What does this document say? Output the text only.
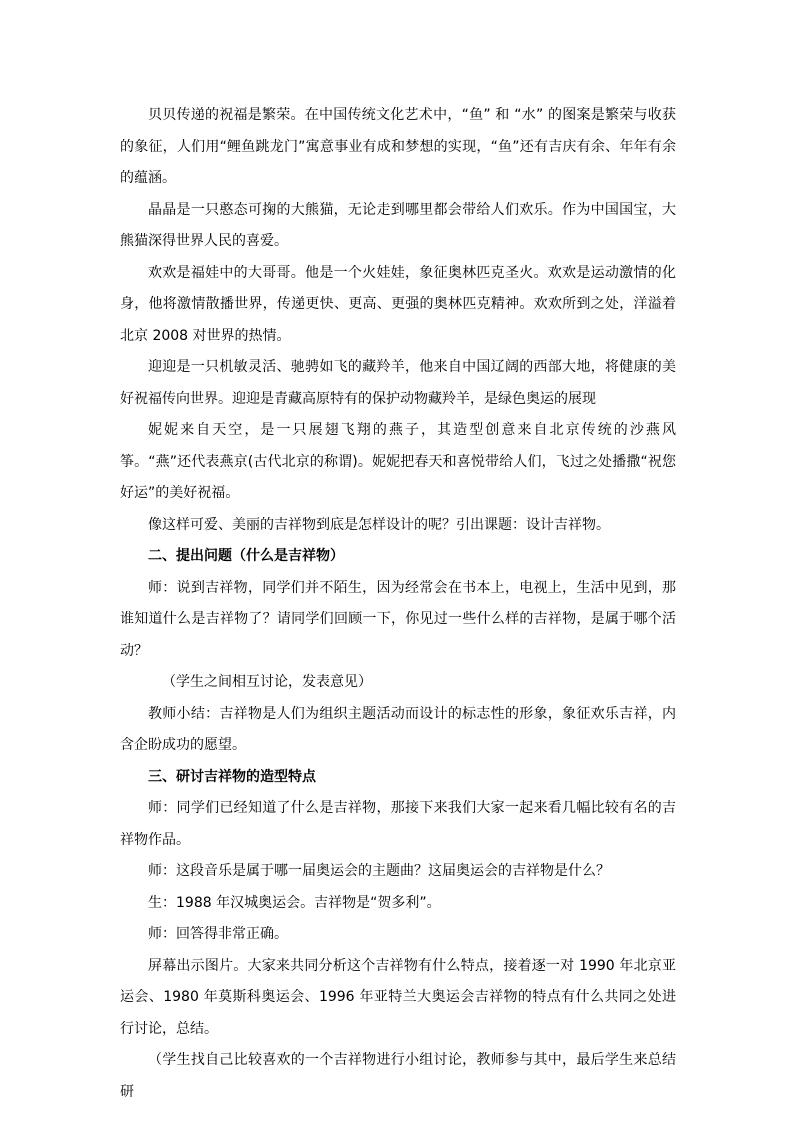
贝贝传递的祝福是繁荣。在中国传统文化艺术中，“鱼” 和 “水” 的图案是繁荣与收获的象征，人们用“鲤鱼跳龙门”寓意事业有成和梦想的实现，“鱼”还有吉庆有余、年年有余的蕴涵。

晶晶是一只憨态可掬的大熊猫，无论走到哪里都会带给人们欢乐。作为中国国宝，大熊猫深得世界人民的喜爱。

欢欢是福娃中的大哥哥。他是一个火娃娃，象征奥林匹克圣火。欢欢是运动激情的化身，他将激情散播世界，传递更快、更高、更强的奥林匹克精神。欢欢所到之处，洋溢着北京 2008 对世界的热情。

迎迎是一只机敏灵活、驰骋如飞的藏羚羊，他来自中国辽阔的西部大地，将健康的美好祝福传向世界。迎迎是青藏高原特有的保护动物藏羚羊，是绿色奥运的展现

妮妮来自天空，是一只展翅飞翔的燕子，其造型创意来自北京传统的沙燕风筝。“燕”还代表燕京(古代北京的称谓)。妮妮把春天和喜悦带给人们，飞过之处播撒“祝您好运”的美好祝福。

像这样可爱、美丽的吉祥物到底是怎样设计的呢？引出课题：设计吉祥物。

二、提出问题（什么是吉祥物）

师：说到吉祥物，同学们并不陌生，因为经常会在书本上，电视上，生活中见到，那谁知道什么是吉祥物了？请同学们回顾一下，你见过一些什么样的吉祥物，是属于哪个活动？

（学生之间相互讨论，发表意见）

教师小结：吉祥物是人们为组织主题活动而设计的标志性的形象，象征欢乐吉祥，内含企盼成功的愿望。

三、研讨吉祥物的造型特点

师：同学们已经知道了什么是吉祥物，那接下来我们大家一起来看几幅比较有名的吉祥物作品。

师：这段音乐是属于哪一届奥运会的主题曲？这届奥运会的吉祥物是什么？

生：1988 年汉城奥运会。吉祥物是“贺多利”。

师：回答得非常正确。

屏幕出示图片。大家来共同分析这个吉祥物有什么特点，接着逐一对 1990 年北京亚运会、1980 年莫斯科奥运会、1996 年亚特兰大奥运会吉祥物的特点有什么共同之处进行讨论，总结。

（学生找自己比较喜欢的一个吉祥物进行小组讨论，教师参与其中，最后学生来总结研
